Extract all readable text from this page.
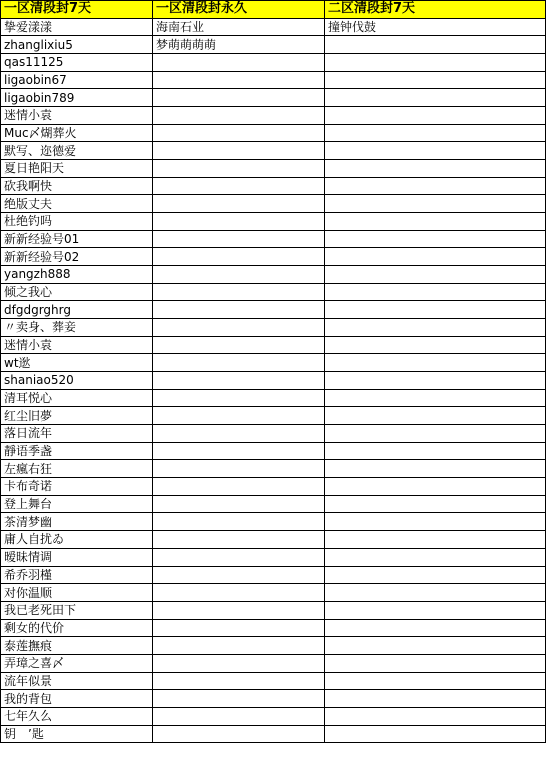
一区清段封7天	一区清段封永久	二区清段封7天
挚爱漾漾	海南石业	撞钟伐鼓
zhanglixiu5	梦萌萌萌萌	
qas11125		
ligaobin67		
ligaobin789		
迷情小袁		
Muc〆煳葬火		
默写、迩德爱		
夏日艳阳天		
砍我啊快		
绝版丈夫		
杜绝钓吗		
新新经验号01		
新新经验号02		
yangzh888		
倾之我心		
dfgdgrghrg		
〃卖身、葬妾		
迷情小袁		
wt逖		
shaniao520		
清耳悦心		
红尘旧夢		
落日流年		
靜语季盏		
左瘋右狂		
卡布奇诺		
登上舞台		
茶清梦幽		
庸人自扰ゐ		
暧昧情调		
希乔羽槿		
对你温顺		
我已老死田下		
剩女的代价		
泰莲撫痕		
弄璋之喜〆		
流年似景		
我的背包		
七年久么		
钥　’匙		
